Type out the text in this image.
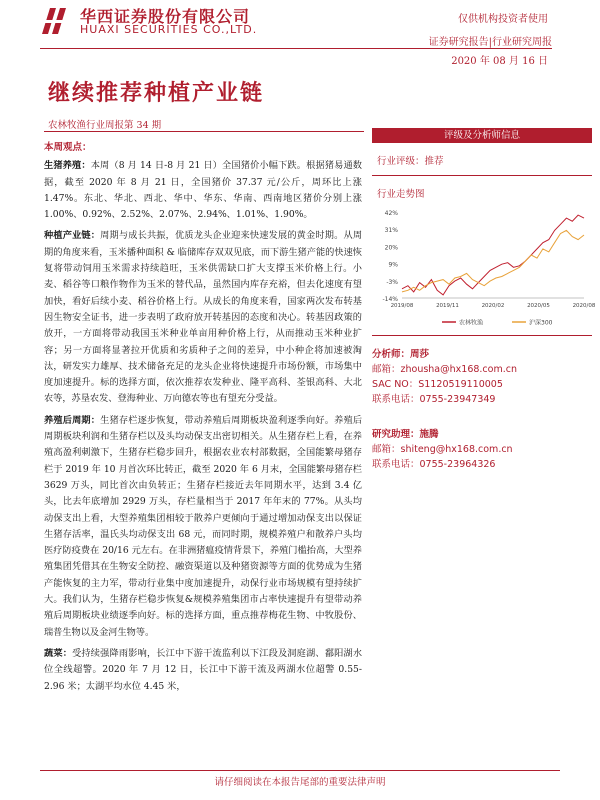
华西证券股份有限公司
HUAXI SECURITIES CO.,LTD.
仅供机构投资者使用
证券研究报告|行业研究周报
2020 年 08 月 16 日
继续推荐种植产业链
农林牧渔行业周报第 34 期
本周观点：
生猪养殖：本周（8 月 14 日-8 月 21 日）全国猪价小幅下跌。根据猪易通数据，截至 2020 年 8 月 21 日，全国猪价 37.37 元/公斤，周环比上涨 1.47%。东北、华北、西北、华中、华东、华南、西南地区猪价分别上涨 1.00%、0.92%、2.52%、2.07%、2.94%、1.01%、1.90%。
种植产业链：周期与成长共振，优质龙头企业迎来快速发展的黄金时期。从周期的角度来看，玉米播种面积 & 临储库存双双见底，而下游生猪产能的快速恢复将带动饲用玉米需求持续趋旺，玉米供需缺口扩大支撑玉米价格上行。小麦、稻谷等口粮作物作为玉米的替代品，虽然国内库存充裕，但去化速度有望加快，看好后续小麦、稻谷价格上行。从成长的角度来看，国家两次发布转基因生物安全证书，进一步表明了政府放开转基因的态度和决心。转基因政策的放开，一方面将带动我国玉米种业单亩用种价格上行，从而推动玉米种业扩容；另一方面将显著拉开优质和劣质种子之间的差异，中小种企将加速被淘汰，研发实力雄厚、技术储备充足的龙头企业将快速提升市场份额，市场集中度加速提升。标的选择方面，依次推荐农发种业、隆平高科、荃银高科、大北农等，苏垦农发、登海种业、万向德农等也有望充分受益。
养殖后周期：生猪存栏逐步恢复，带动养殖后周期板块盈利逐季向好。养殖后周期板块利润和生猪存栏以及头均动保支出密切相关。从生猪存栏上看，在养殖高盈利刺激下，生猪存栏稳步回升，根据农业农村部数据，全国能繁母猪存栏于 2019 年 10 月首次环比转正，截至 2020 年 6 月末，全国能繁母猪存栏 3629 万头，同比首次由负转正；生猪存栏接近去年同期水平，达到 3.4 亿头，比去年底增加 2929 万头，存栏量相当于 2017 年年末的 77%。从头均动保支出上看，大型养殖集团相较于散养户更倾向于通过增加动保支出以保证生猪存活率，温氏头均动保支出 68 元，而同时期，规模养殖户和散养户头均医疗防疫费在 20/16 元左右。在非洲猪瘟疫情背景下，养殖门槛抬高，大型养殖集团凭借其在生物安全防控、融资渠道以及种猪资源等方面的优势成为生猪产能恢复的主力军，带动行业集中度加速提升，动保行业市场规模有望持续扩大。我们认为，生猪存栏稳步恢复&规模养殖集团市占率快速提升有望带动养殖后周期板块业绩逐季向好。标的选择方面，重点推荐梅花生物、中牧股份、瑞普生物以及金河生物等。
蔬菜：受持续强降雨影响，长江中下游干流监利以下江段及洞庭湖、鄱阳湖水位全线超警。2020 年 7 月 12 日，长江中下游干流及两湖水位超警 0.55-2.96 米；太湖平均水位 4.45 米，
评级及分析师信息
行业评级：推荐
行业走势图
42%
31%
20%
9%
-3%
-14%
2019/08	2019/11	2020/02	2020/05	2020/08
农林牧渔	沪深300
分析师：周莎
邮箱：zhousha@hx168.com.cn
SAC NO：S1120519110005
联系电话：0755-23947349
研究助理：施腾
邮箱：shiteng@hx168.com.cn
联系电话：0755-23964326
请仔细阅读在本报告尾部的重要法律声明
